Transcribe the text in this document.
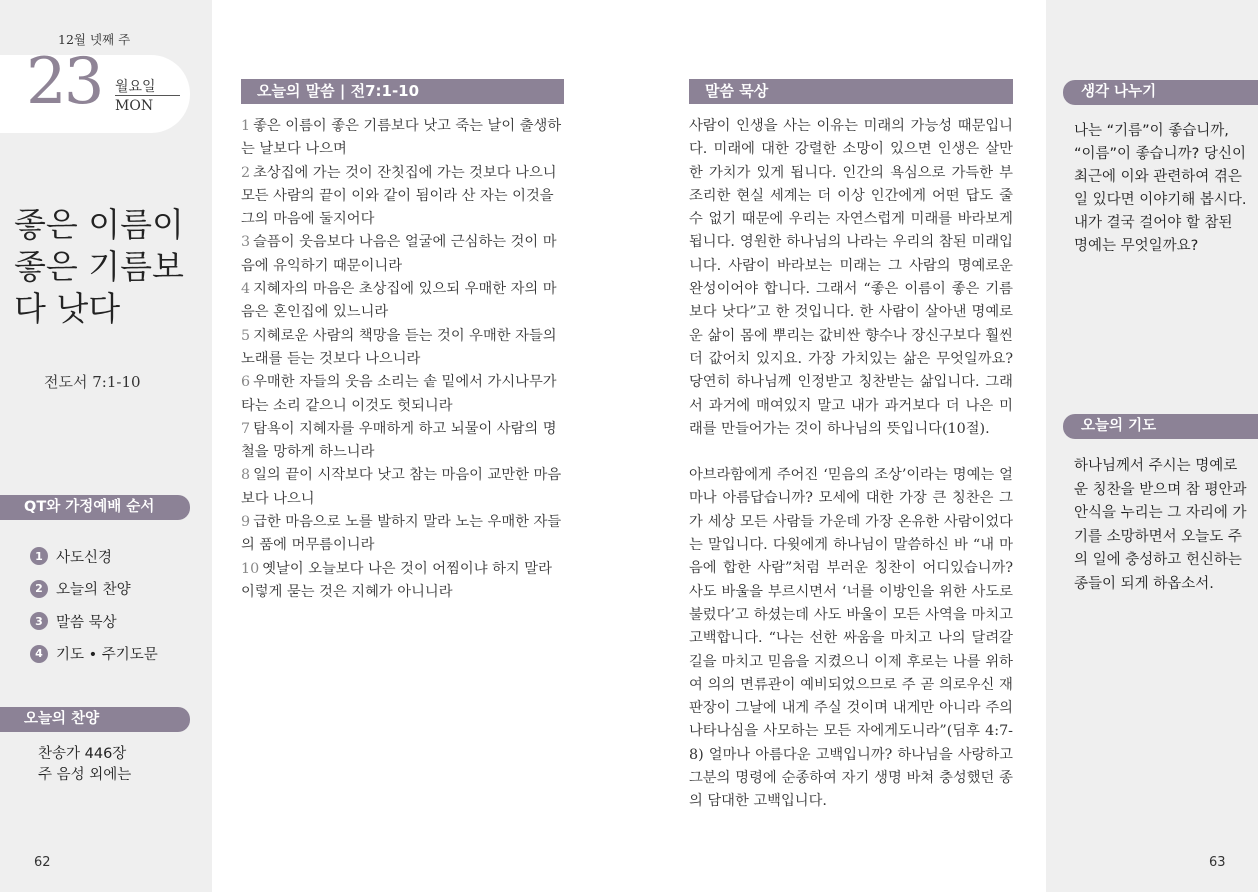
12월 넷째 주
23 월요일
MON
좋은 이름이 좋은 기름보다 낫다
전도서 7:1-10
QT와 가정예배 순서
1 사도신경
2 오늘의 찬양
3 말씀 묵상
4 기도 • 주기도문
오늘의 찬양
찬송가 446장
주 음성 외에는
62
오늘의 말씀 | 전7:1-10

1 좋은 이름이 좋은 기름보다 낫고 죽는 날이 출생하는 날보다 나으며

2 초상집에 가는 것이 잔칫집에 가는 것보다 나으니 모든 사람의 끝이 이와 같이 됨이라 산 자는 이것을 그의 마음에 둘지어다

3 슬픔이 웃음보다 나음은 얼굴에 근심하는 것이 마음에 유익하기 때문이니라

4 지혜자의 마음은 초상집에 있으되 우매한 자의 마음은 혼인집에 있느니라

5 지혜로운 사람의 책망을 듣는 것이 우매한 자들의 노래를 듣는 것보다 나으니라

6 우매한 자들의 웃음 소리는 솥 밑에서 가시나무가 타는 소리 같으니 이것도 헛되니라

7 탐욕이 지혜자를 우매하게 하고 뇌물이 사람의 명철을 망하게 하느니라

8 일의 끝이 시작보다 낫고 참는 마음이 교만한 마음보다 나으니

9 급한 마음으로 노를 발하지 말라 노는 우매한 자들의 품에 머무름이니라

10 옛날이 오늘보다 나은 것이 어찜이냐 하지 말라 이렇게 묻는 것은 지혜가 아니니라

말씀 묵상

사람이 인생을 사는 이유는 미래의 가능성 때문입니다. 미래에 대한 강렬한 소망이 있으면 인생은 살만한 가치가 있게 됩니다. 인간의 욕심으로 가득한 부조리한 현실 세계는 더 이상 인간에게 어떤 답도 줄 수 없기 때문에 우리는 자연스럽게 미래를 바라보게 됩니다. 영원한 하나님의 나라는 우리의 참된 미래입니다. 사람이 바라보는 미래는 그 사람의 명예로운 완성이어야 합니다. 그래서 “좋은 이름이 좋은 기름보다 낫다”고 한 것입니다. 한 사람이 살아낸 명예로운 삶이 몸에 뿌리는 값비싼 향수나 장신구보다 훨씬 더 값어치 있지요. 가장 가치있는 삶은 무엇일까요? 당연히 하나님께 인정받고 칭찬받는 삶입니다. 그래서 과거에 매여있지 말고 내가 과거보다 더 나은 미래를 만들어가는 것이 하나님의 뜻입니다(10절).

아브라함에게 주어진 ‘믿음의 조상’이라는 명예는 얼마나 아름답습니까? 모세에 대한 가장 큰 칭찬은 그가 세상 모든 사람들 가운데 가장 온유한 사람이었다는 말입니다. 다윗에게 하나님이 말씀하신 바 “내 마음에 합한 사람”처럼 부러운 칭찬이 어디있습니까? 사도 바울을 부르시면서 ‘너를 이방인을 위한 사도로 불렀다’고 하셨는데 사도 바울이 모든 사역을 마치고 고백합니다. “나는 선한 싸움을 마치고 나의 달려갈 길을 마치고 믿음을 지켰으니 이제 후로는 나를 위하여 의의 면류관이 예비되었으므로 주 곧 의로우신 재판장이 그날에 내게 주실 것이며 내게만 아니라 주의 나타나심을 사모하는 모든 자에게도니라”(딤후 4:7-8) 얼마나 아름다운 고백입니까? 하나님을 사랑하고 그분의 명령에 순종하여 자기 생명 바쳐 충성했던 종의 담대한 고백입니다.

생각 나누기
나는 “기름”이 좋습니까, “이름”이 좋습니까? 당신이 최근에 이와 관련하여 겪은 일 있다면 이야기해 봅시다. 내가 결국 걸어야 할 참된 명예는 무엇일까요?
오늘의 기도
하나님께서 주시는 명예로운 칭찬을 받으며 참 평안과 안식을 누리는 그 자리에 가기를 소망하면서 오늘도 주의 일에 충성하고 헌신하는 종들이 되게 하옵소서.
63
